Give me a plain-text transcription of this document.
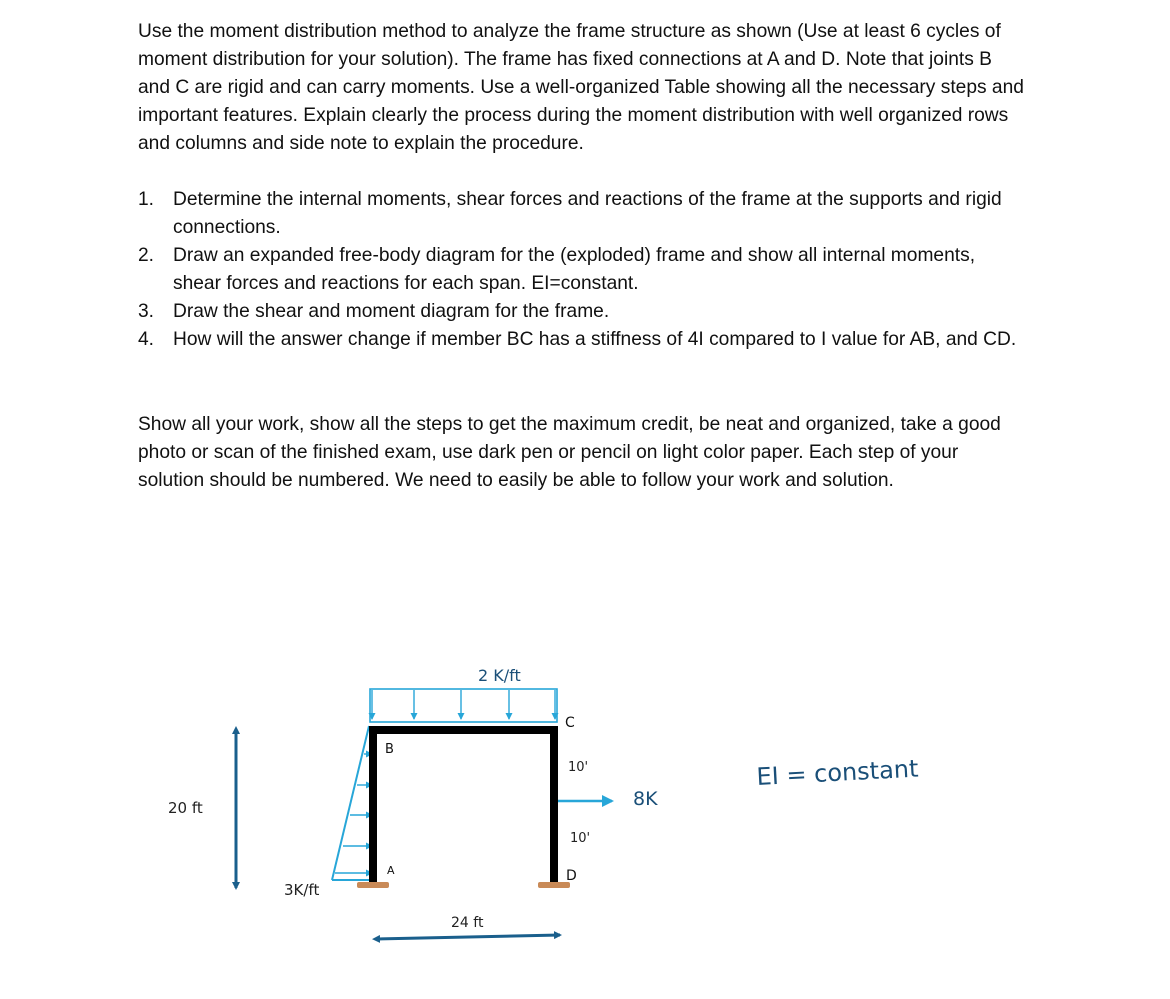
Use the moment distribution method to analyze the frame structure as shown (Use at least 6 cycles of moment distribution for your solution). The frame has fixed connections at A and D. Note that joints B and C are rigid and can carry moments. Use a well-organized Table showing all the necessary steps and important features. Explain clearly the process during the moment distribution with well organized rows and columns and side note to explain the procedure.

1. Determine the internal moments, shear forces and reactions of the frame at the supports and rigid connections.
2. Draw an expanded free-body diagram for the (exploded) frame and show all internal moments, shear forces and reactions for each span. EI=constant.
3. Draw the shear and moment diagram for the frame.
4. How will the answer change if member BC has a stiffness of 4I compared to I value for AB, and CD.

Show all your work, show all the steps to get the maximum credit, be neat and organized, take a good photo or scan of the finished exam, use dark pen or pencil on light color paper. Each step of your solution should be numbered. We need to easily be able to follow your work and solution.

2 K/ft
3K/ft
B
C
A	D
10'
10'
8K
20 ft
24 ft
EI = constant
